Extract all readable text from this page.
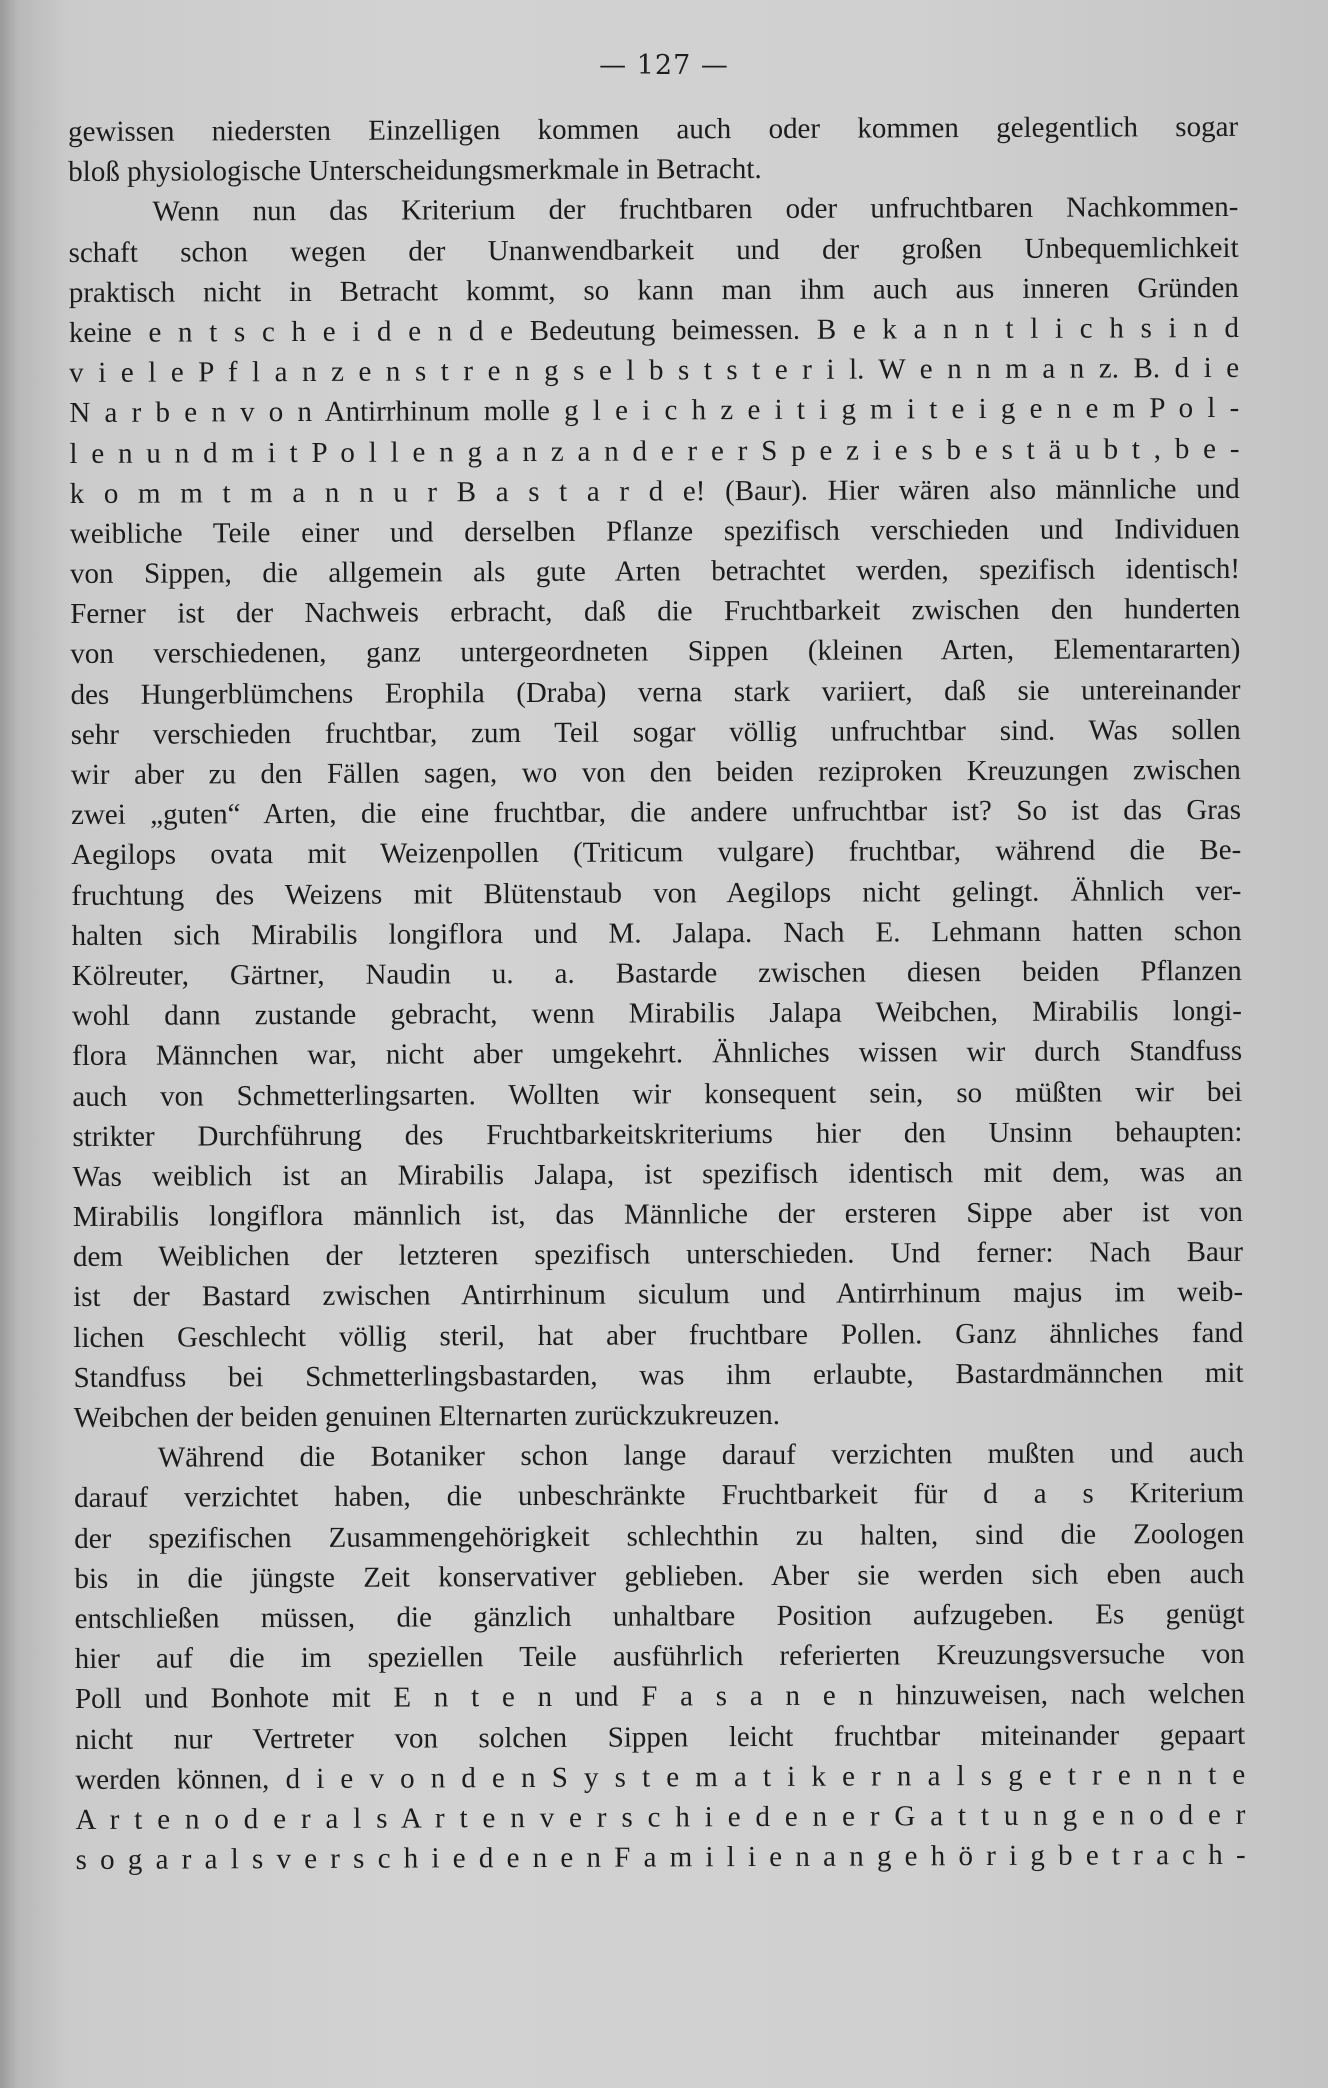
— 127 —
gewissen niedersten Einzelligen kommen auch oder kommen gelegentlich sogar
bloß physiologische Unterscheidungsmerkmale in Betracht.
Wenn nun das Kriterium der fruchtbaren oder unfruchtbaren Nachkommen-
schaft schon wegen der Unanwendbarkeit und der großen Unbequemlichkeit
praktisch nicht in Betracht kommt, so kann man ihm auch aus inneren Gründen
keine e n t s c h e i d e n d e Bedeutung beimessen. B e k a n n t l i c h s i n d
v i e l e P f l a n z e n s t r e n g s e l b s t s t e r i l. W e n n m a n z. B. d i e
N a r b e n v o n Antirrhinum molle g l e i c h z e i t i g m i t e i g e n e m P o l -
l e n u n d m i t P o l l e n g a n z a n d e r e r S p e z i e s b e s t ä u b t , b e -
k o m m t m a n n u r B a s t a r d e! (Baur). Hier wären also männliche und
weibliche Teile einer und derselben Pflanze spezifisch verschieden und Individuen
von Sippen, die allgemein als gute Arten betrachtet werden, spezifisch identisch!
Ferner ist der Nachweis erbracht, daß die Fruchtbarkeit zwischen den hunderten
von verschiedenen, ganz untergeordneten Sippen (kleinen Arten, Elementararten)
des Hungerblümchens Erophila (Draba) verna stark variiert, daß sie untereinander
sehr verschieden fruchtbar, zum Teil sogar völlig unfruchtbar sind. Was sollen
wir aber zu den Fällen sagen, wo von den beiden reziproken Kreuzungen zwischen
zwei „guten“ Arten, die eine fruchtbar, die andere unfruchtbar ist? So ist das Gras
Aegilops ovata mit Weizenpollen (Triticum vulgare) fruchtbar, während die Be-
fruchtung des Weizens mit Blütenstaub von Aegilops nicht gelingt. Ähnlich ver-
halten sich Mirabilis longiflora und M. Jalapa. Nach E. Lehmann hatten schon
Kölreuter, Gärtner, Naudin u. a. Bastarde zwischen diesen beiden Pflanzen
wohl dann zustande gebracht, wenn Mirabilis Jalapa Weibchen, Mirabilis longi-
flora Männchen war, nicht aber umgekehrt. Ähnliches wissen wir durch Standfuss
auch von Schmetterlingsarten. Wollten wir konsequent sein, so müßten wir bei
strikter Durchführung des Fruchtbarkeitskriteriums hier den Unsinn behaupten:
Was weiblich ist an Mirabilis Jalapa, ist spezifisch identisch mit dem, was an
Mirabilis longiflora männlich ist, das Männliche der ersteren Sippe aber ist von
dem Weiblichen der letzteren spezifisch unterschieden. Und ferner: Nach Baur
ist der Bastard zwischen Antirrhinum siculum und Antirrhinum majus im weib-
lichen Geschlecht völlig steril, hat aber fruchtbare Pollen. Ganz ähnliches fand
Standfuss bei Schmetterlingsbastarden, was ihm erlaubte, Bastardmännchen mit
Weibchen der beiden genuinen Elternarten zurückzukreuzen.
Während die Botaniker schon lange darauf verzichten mußten und auch
darauf verzichtet haben, die unbeschränkte Fruchtbarkeit für d a s Kriterium
der spezifischen Zusammengehörigkeit schlechthin zu halten, sind die Zoologen
bis in die jüngste Zeit konservativer geblieben. Aber sie werden sich eben auch
entschließen müssen, die gänzlich unhaltbare Position aufzugeben. Es genügt
hier auf die im speziellen Teile ausführlich referierten Kreuzungsversuche von
Poll und Bonhote mit E n t e n und F a s a n e n hinzuweisen, nach welchen
nicht nur Vertreter von solchen Sippen leicht fruchtbar miteinander gepaart
werden können, d i e v o n d e n S y s t e m a t i k e r n a l s g e t r e n n t e
A r t e n o d e r a l s A r t e n v e r s c h i e d e n e r G a t t u n g e n o d e r
s o g a r a l s v e r s c h i e d e n e n F a m i l i e n a n g e h ö r i g b e t r a c h -
